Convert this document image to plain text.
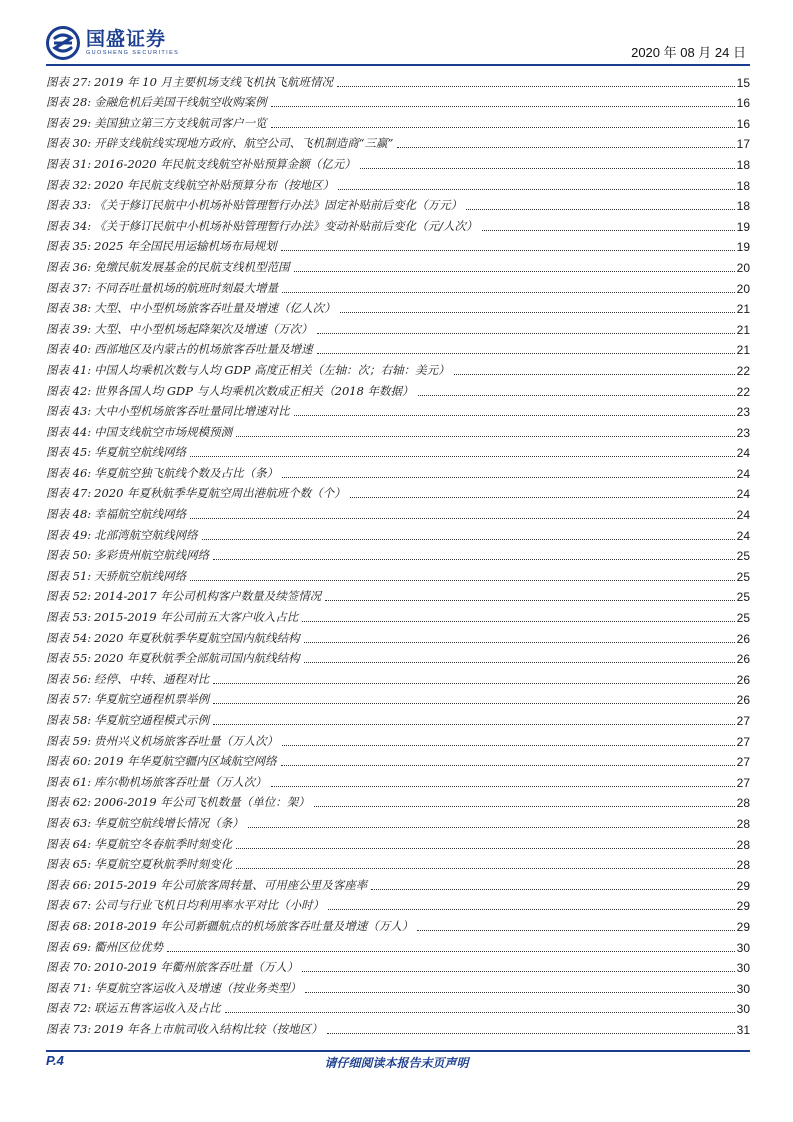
国盛证券
GUOSHENG SECURITIES	2020 年 08 月 24 日
图表 27: 2019 年 10 月主要机场支线飞机执飞航班情况	15
图表 28: 金融危机后美国干线航空收购案例	16
图表 29: 美国独立第三方支线航司客户一览	16
图表 30: 开辟支线航线实现地方政府、航空公司、飞机制造商“三赢”	17
图表 31: 2016-2020 年民航支线航空补贴预算金额（亿元）	18
图表 32: 2020 年民航支线航空补贴预算分布（按地区）	18
图表 33: 《关于修订民航中小机场补贴管理暂行办法》固定补贴前后变化（万元）	18
图表 34: 《关于修订民航中小机场补贴管理暂行办法》变动补贴前后变化（元/人次）	19
图表 35: 2025 年全国民用运输机场布局规划	19
图表 36: 免缴民航发展基金的民航支线机型范围	20
图表 37: 不同吞吐量机场的航班时刻最大增量	20
图表 38: 大型、中小型机场旅客吞吐量及增速（亿人次）	21
图表 39: 大型、中小型机场起降架次及增速（万次）	21
图表 40: 西部地区及内蒙古的机场旅客吞吐量及增速	21
图表 41: 中国人均乘机次数与人均 GDP 高度正相关（左轴：次；右轴：美元）	22
图表 42: 世界各国人均 GDP 与人均乘机次数成正相关（2018 年数据）	22
图表 43: 大中小型机场旅客吞吐量同比增速对比	23
图表 44: 中国支线航空市场规模预测	23
图表 45: 华夏航空航线网络	24
图表 46: 华夏航空独飞航线个数及占比（条）	24
图表 47: 2020 年夏秋航季华夏航空周出港航班个数（个）	24
图表 48: 幸福航空航线网络	24
图表 49: 北部湾航空航线网络	24
图表 50: 多彩贵州航空航线网络	25
图表 51: 天骄航空航线网络	25
图表 52: 2014-2017 年公司机构客户数量及续签情况	25
图表 53: 2015-2019 年公司前五大客户收入占比	25
图表 54: 2020 年夏秋航季华夏航空国内航线结构	26
图表 55: 2020 年夏秋航季全部航司国内航线结构	26
图表 56: 经停、中转、通程对比	26
图表 57: 华夏航空通程机票举例	26
图表 58: 华夏航空通程模式示例	27
图表 59: 贵州兴义机场旅客吞吐量（万人次）	27
图表 60: 2019 年华夏航空疆内区域航空网络	27
图表 61: 库尔勒机场旅客吞吐量（万人次）	27
图表 62: 2006-2019 年公司飞机数量（单位：架）	28
图表 63: 华夏航空航线增长情况（条）	28
图表 64: 华夏航空冬春航季时刻变化	28
图表 65: 华夏航空夏秋航季时刻变化	28
图表 66: 2015-2019 年公司旅客周转量、可用座公里及客座率	29
图表 67: 公司与行业飞机日均利用率水平对比（小时）	29
图表 68: 2018-2019 年公司新疆航点的机场旅客吞吐量及增速（万人）	29
图表 69: 衢州区位优势	30
图表 70: 2010-2019 年衢州旅客吞吐量（万人）	30
图表 71: 华夏航空客运收入及增速（按业务类型）	30
图表 72: 联运五售客运收入及占比	30
图表 73: 2019 年各上市航司收入结构比较（按地区）	31
P.4	请仔细阅读本报告末页声明
